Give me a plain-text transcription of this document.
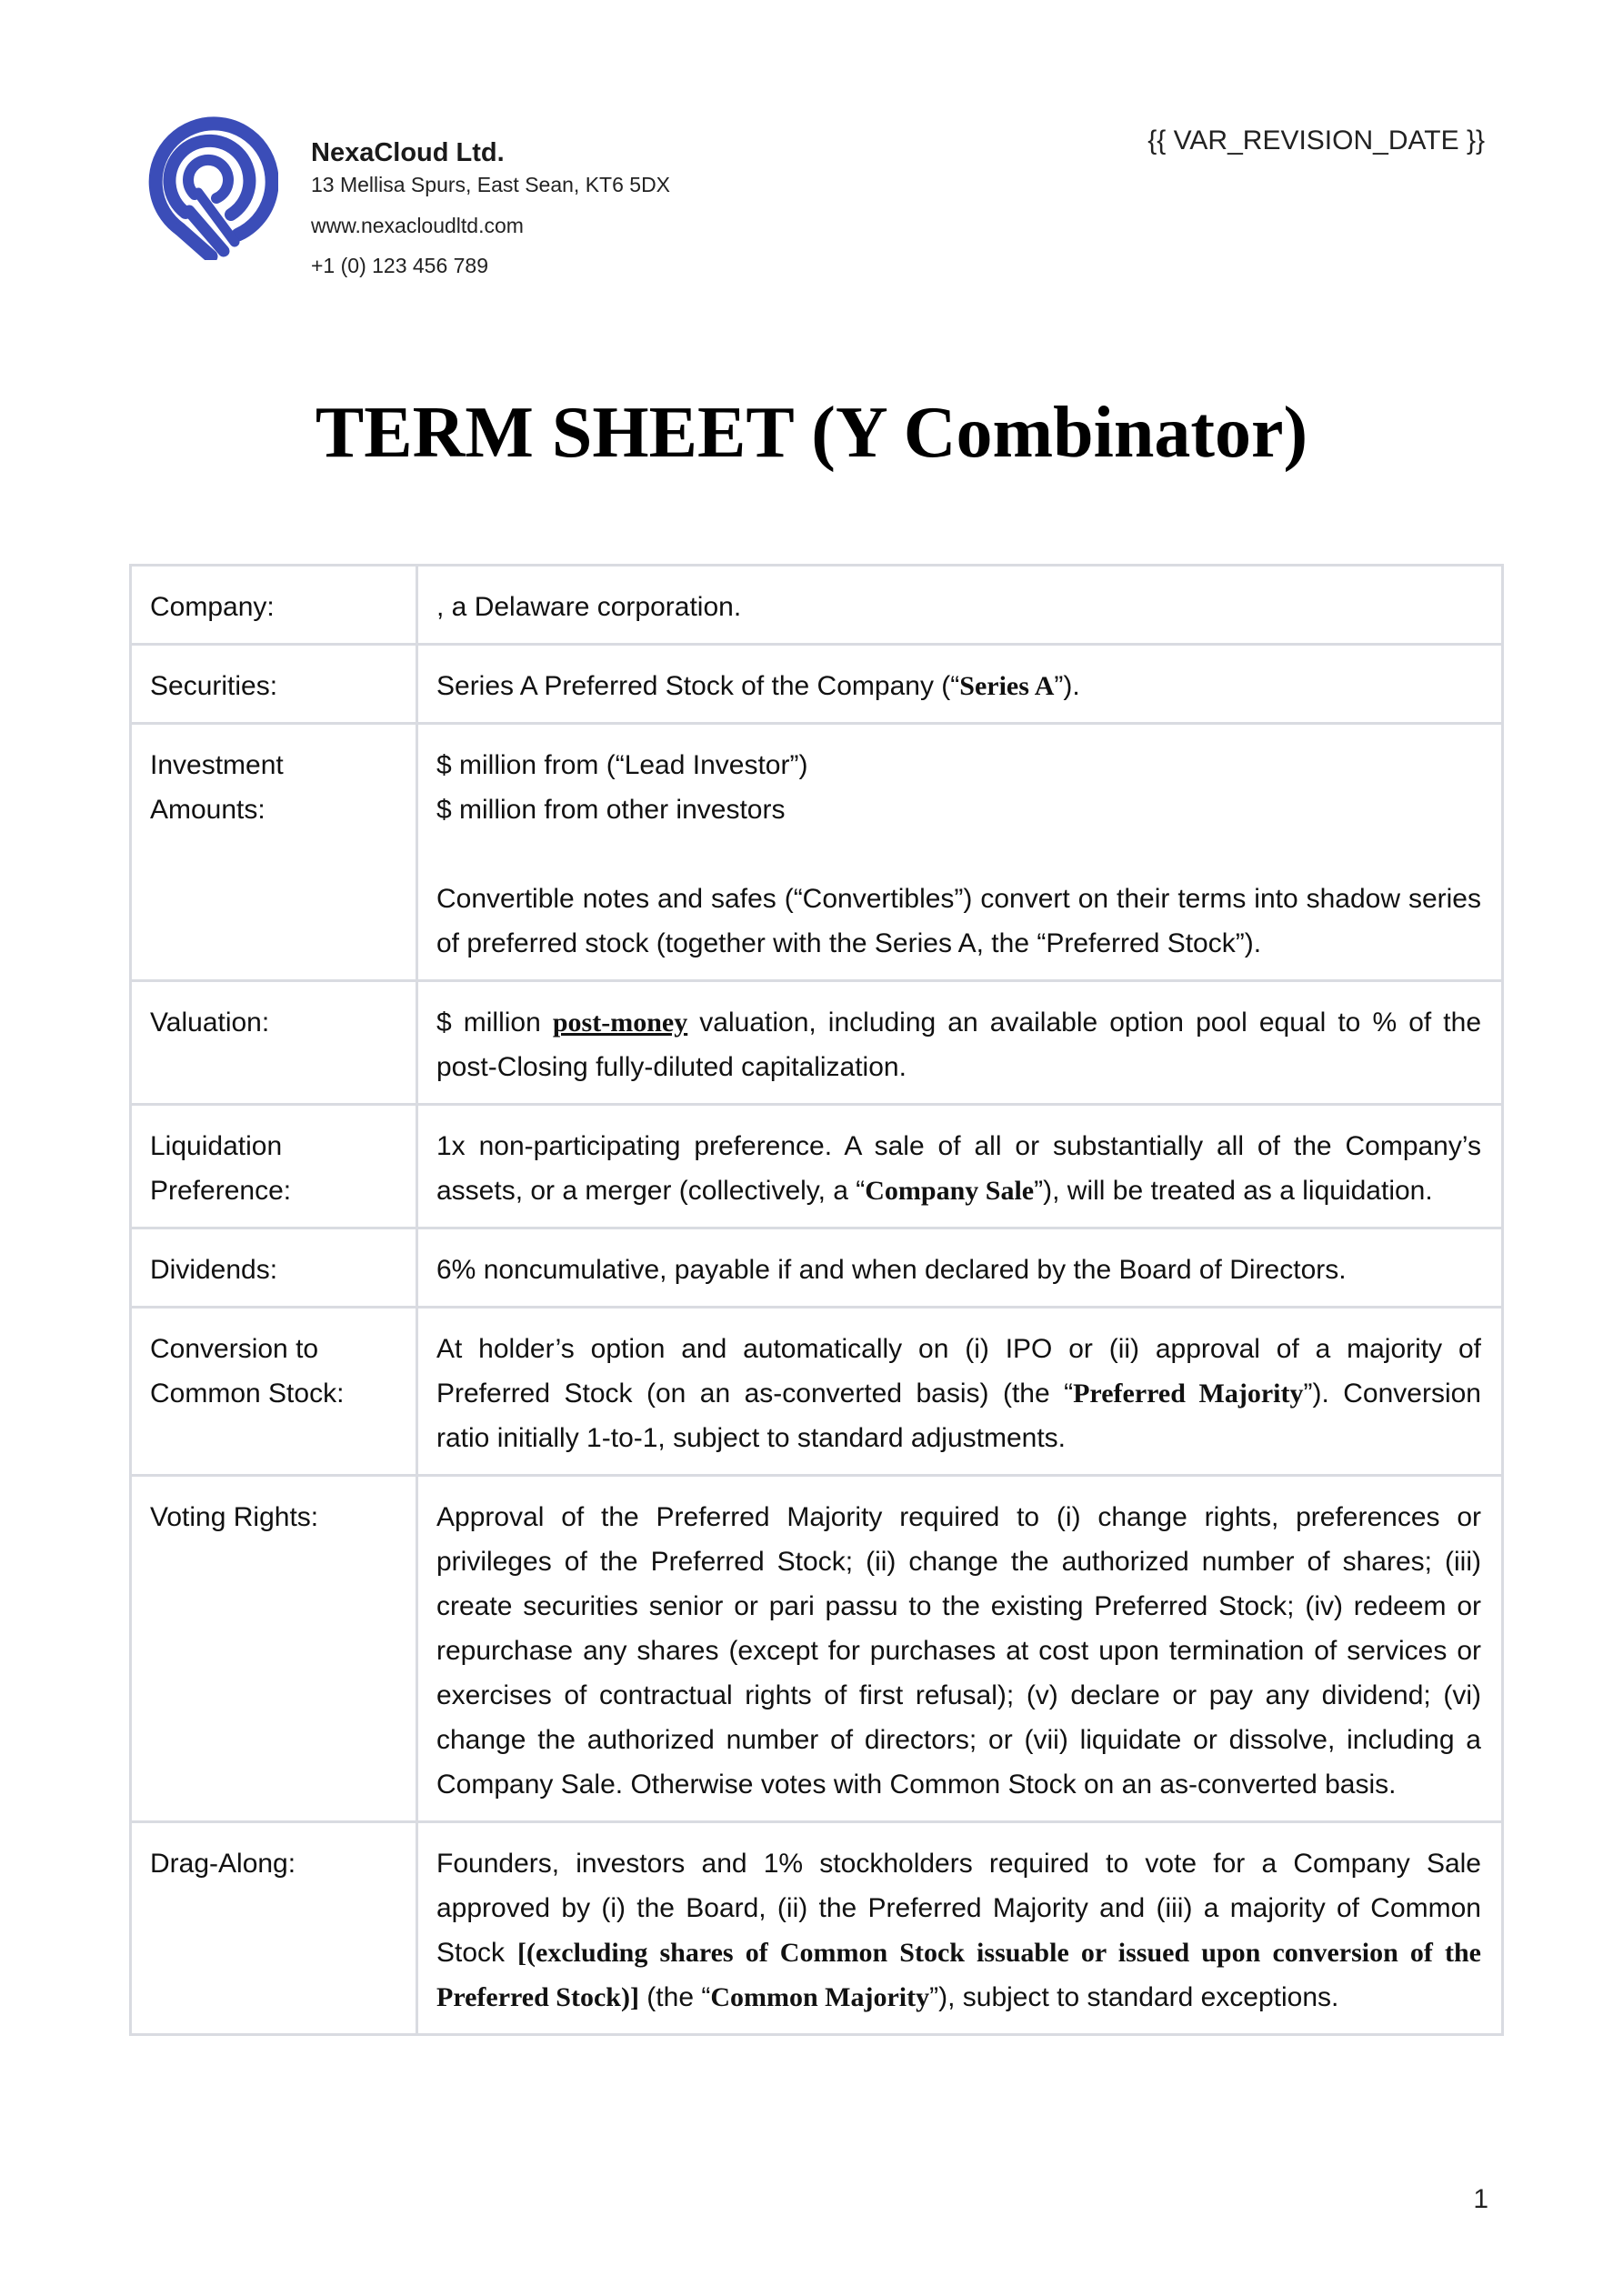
NexaCloud Ltd.
13 Mellisa Spurs, East Sean, KT6 5DX
www.nexacloudltd.com
+1 (0) 123 456 789
{{ VAR_REVISION_DATE }}
TERM SHEET (Y Combinator)
Company:	, a Delaware corporation.
Securities:	Series A Preferred Stock of the Company (“Series A”).
Investment Amounts:	$ million from (“Lead Investor”)
$ million from other investors
Convertible notes and safes (“Convertibles”) convert on their terms into shadow series of preferred stock (together with the Series A, the “Preferred Stock”).

Valuation:	$ million post-money valuation, including an available option pool equal to % of the post-Closing fully-diluted capitalization.
Liquidation Preference:	1x non-participating preference. A sale of all or substantially all of the Company’s assets, or a merger (collectively, a “Company Sale”), will be treated as a liquidation.
Dividends:	6% noncumulative, payable if and when declared by the Board of Directors.
Conversion to Common Stock:	At holder’s option and automatically on (i) IPO or (ii) approval of a majority of Preferred Stock (on an as-converted basis) (the “Preferred Majority”). Conversion ratio initially 1-to-1, subject to standard adjustments.
Voting Rights:	Approval of the Preferred Majority required to (i) change rights, preferences or privileges of the Preferred Stock; (ii) change the authorized number of shares; (iii) create securities senior or pari passu to the existing Preferred Stock; (iv) redeem or repurchase any shares (except for purchases at cost upon termination of services or exercises of contractual rights of first refusal); (v) declare or pay any dividend; (vi) change the authorized number of directors; or (vii) liquidate or dissolve, including a Company Sale. Otherwise votes with Common Stock on an as‐converted basis.
Drag-Along:	Founders, investors and 1% stockholders required to vote for a Company Sale approved by (i) the Board, (ii) the Preferred Majority and (iii) a majority of Common Stock [(excluding shares of Common Stock issuable or issued upon conversion of the Preferred Stock)] (the “Common Majority”), subject to standard exceptions.
1
